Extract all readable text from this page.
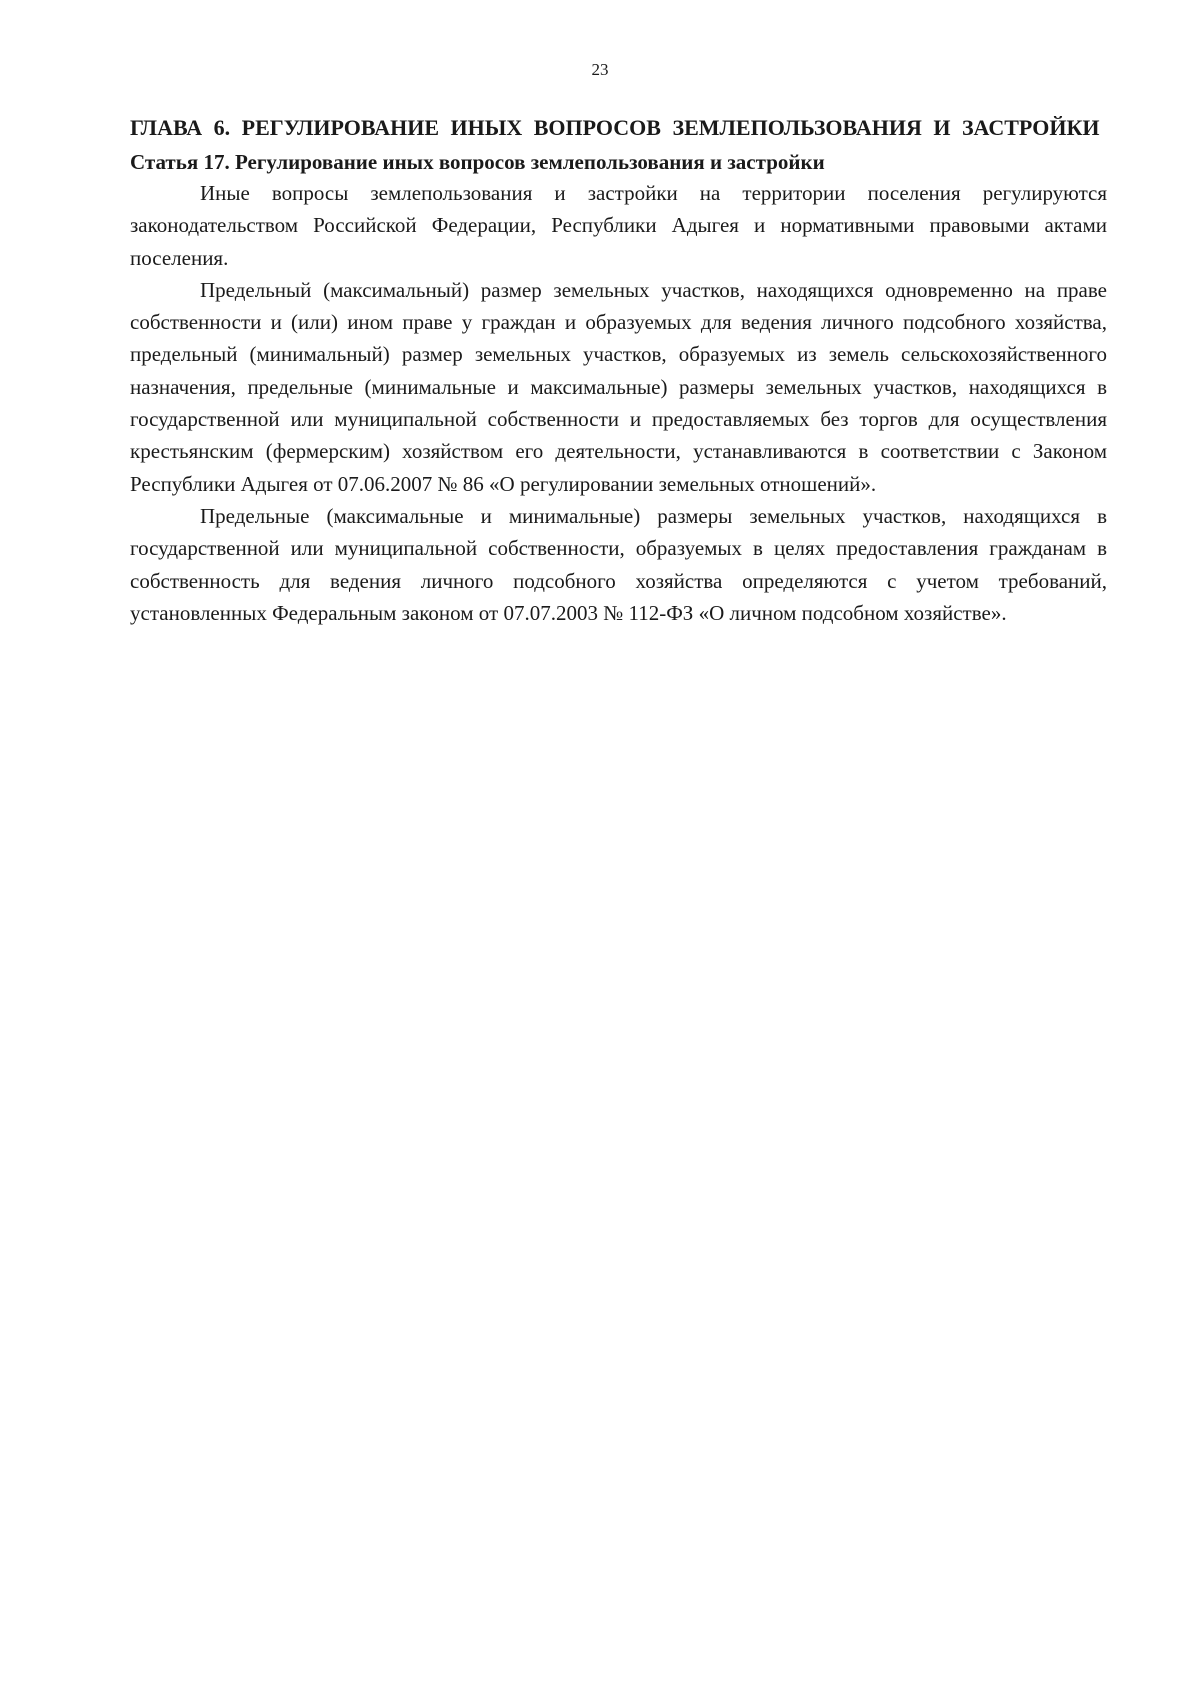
23
ГЛАВА 6. РЕГУЛИРОВАНИЕ ИНЫХ ВОПРОСОВ ЗЕМЛЕПОЛЬЗОВАНИЯ И ЗАСТРОЙКИ
Статья 17. Регулирование иных вопросов землепользования и застройки

Иные вопросы землепользования и застройки на территории поселения регулируются законодательством Российской Федерации, Республики Адыгея и нормативными правовыми актами поселения.

Предельный (максимальный) размер земельных участков, находящихся одновременно на праве собственности и (или) ином праве у граждан и образуемых для ведения личного подсобного хозяйства, предельный (минимальный) размер земельных участков, образуемых из земель сельскохозяйственного назначения, предельные (минимальные и максимальные) размеры земельных участков, находящихся в государственной или муниципальной собственности и предоставляемых без торгов для осуществления крестьянским (фермерским) хозяйством его деятельности, устанавливаются в соответствии с Законом Республики Адыгея от 07.06.2007 № 86 «О регулировании земельных отношений».

Предельные (максимальные и минимальные) размеры земельных участков, находящихся в государственной или муниципальной собственности, образуемых в целях предоставления гражданам в собственность для ведения личного подсобного хозяйства определяются с учетом требований, установленных Федеральным законом от 07.07.2003 № 112-ФЗ «О личном подсобном хозяйстве».
